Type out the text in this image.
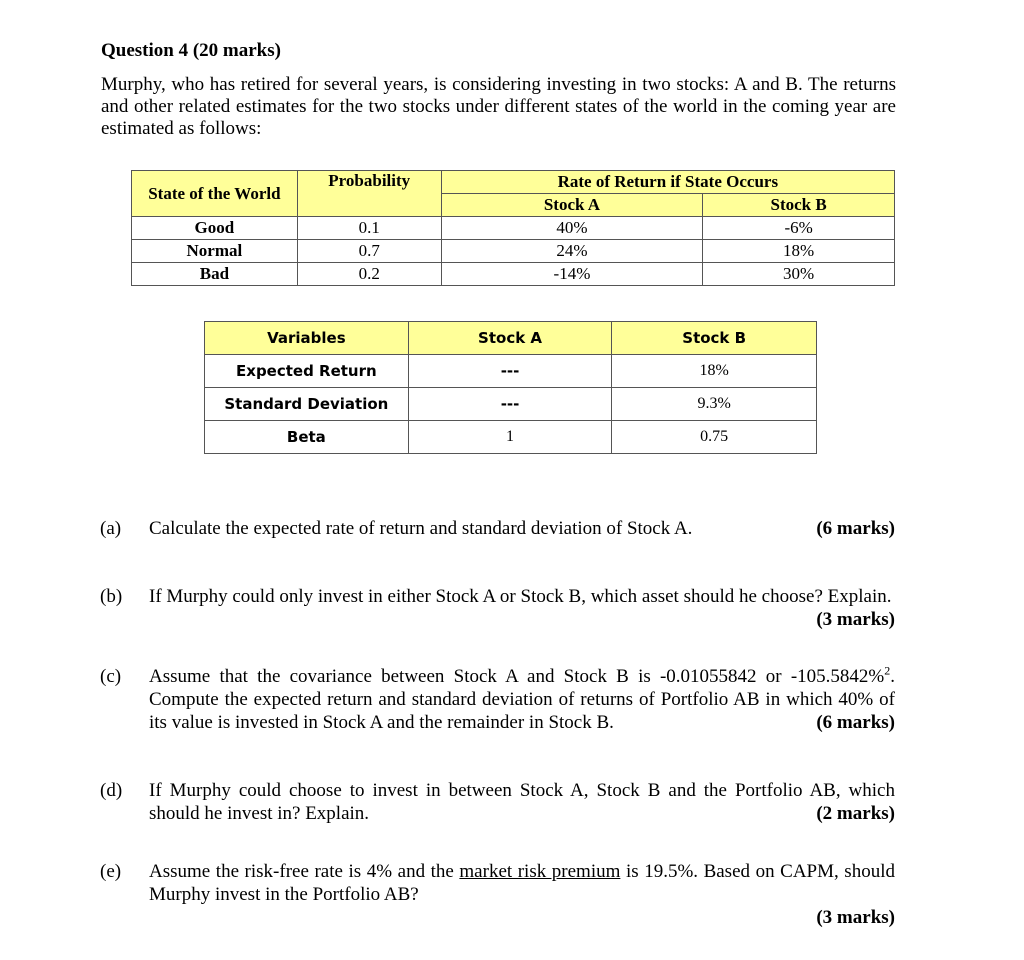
Question 4 (20 marks)
Murphy, who has retired for several years, is considering investing in two stocks: A and B. The returns and other related estimates for the two stocks under different states of the world in the coming year are estimated as follows:
State of the World	Probability	Rate of Return if State Occurs	
		Stock A	Stock B
Good	0.1	40%	-6%
Normal	0.7	24%	18%
Bad	0.2	-14%	30%
Variables	Stock A	Stock B
Expected Return	---	18%
Standard Deviation	---	9.3%
Beta	1	0.75
(a)	(6 marks)
Calculate the expected rate of return and standard deviation of Stock A.
(b) If Murphy could only invest in either Stock A or Stock B, which asset should he choose? Explain.
(3 marks)
(c) Assume that the covariance between Stock A and Stock B is -0.01055842 or -105.5842%$^2$. Compute the expected return and standard deviation of returns of Portfolio AB in which 40% of its value is invested in Stock A and the remainder in Stock B.	(6 marks)
(d) If Murphy could choose to invest in between Stock A, Stock B and the Portfolio AB, which should he invest in? Explain.	(2 marks)
(e) Assume the risk-free rate is 4% and the market risk premium is 19.5%. Based on CAPM, should Murphy invest in the Portfolio AB?
(3 marks)
